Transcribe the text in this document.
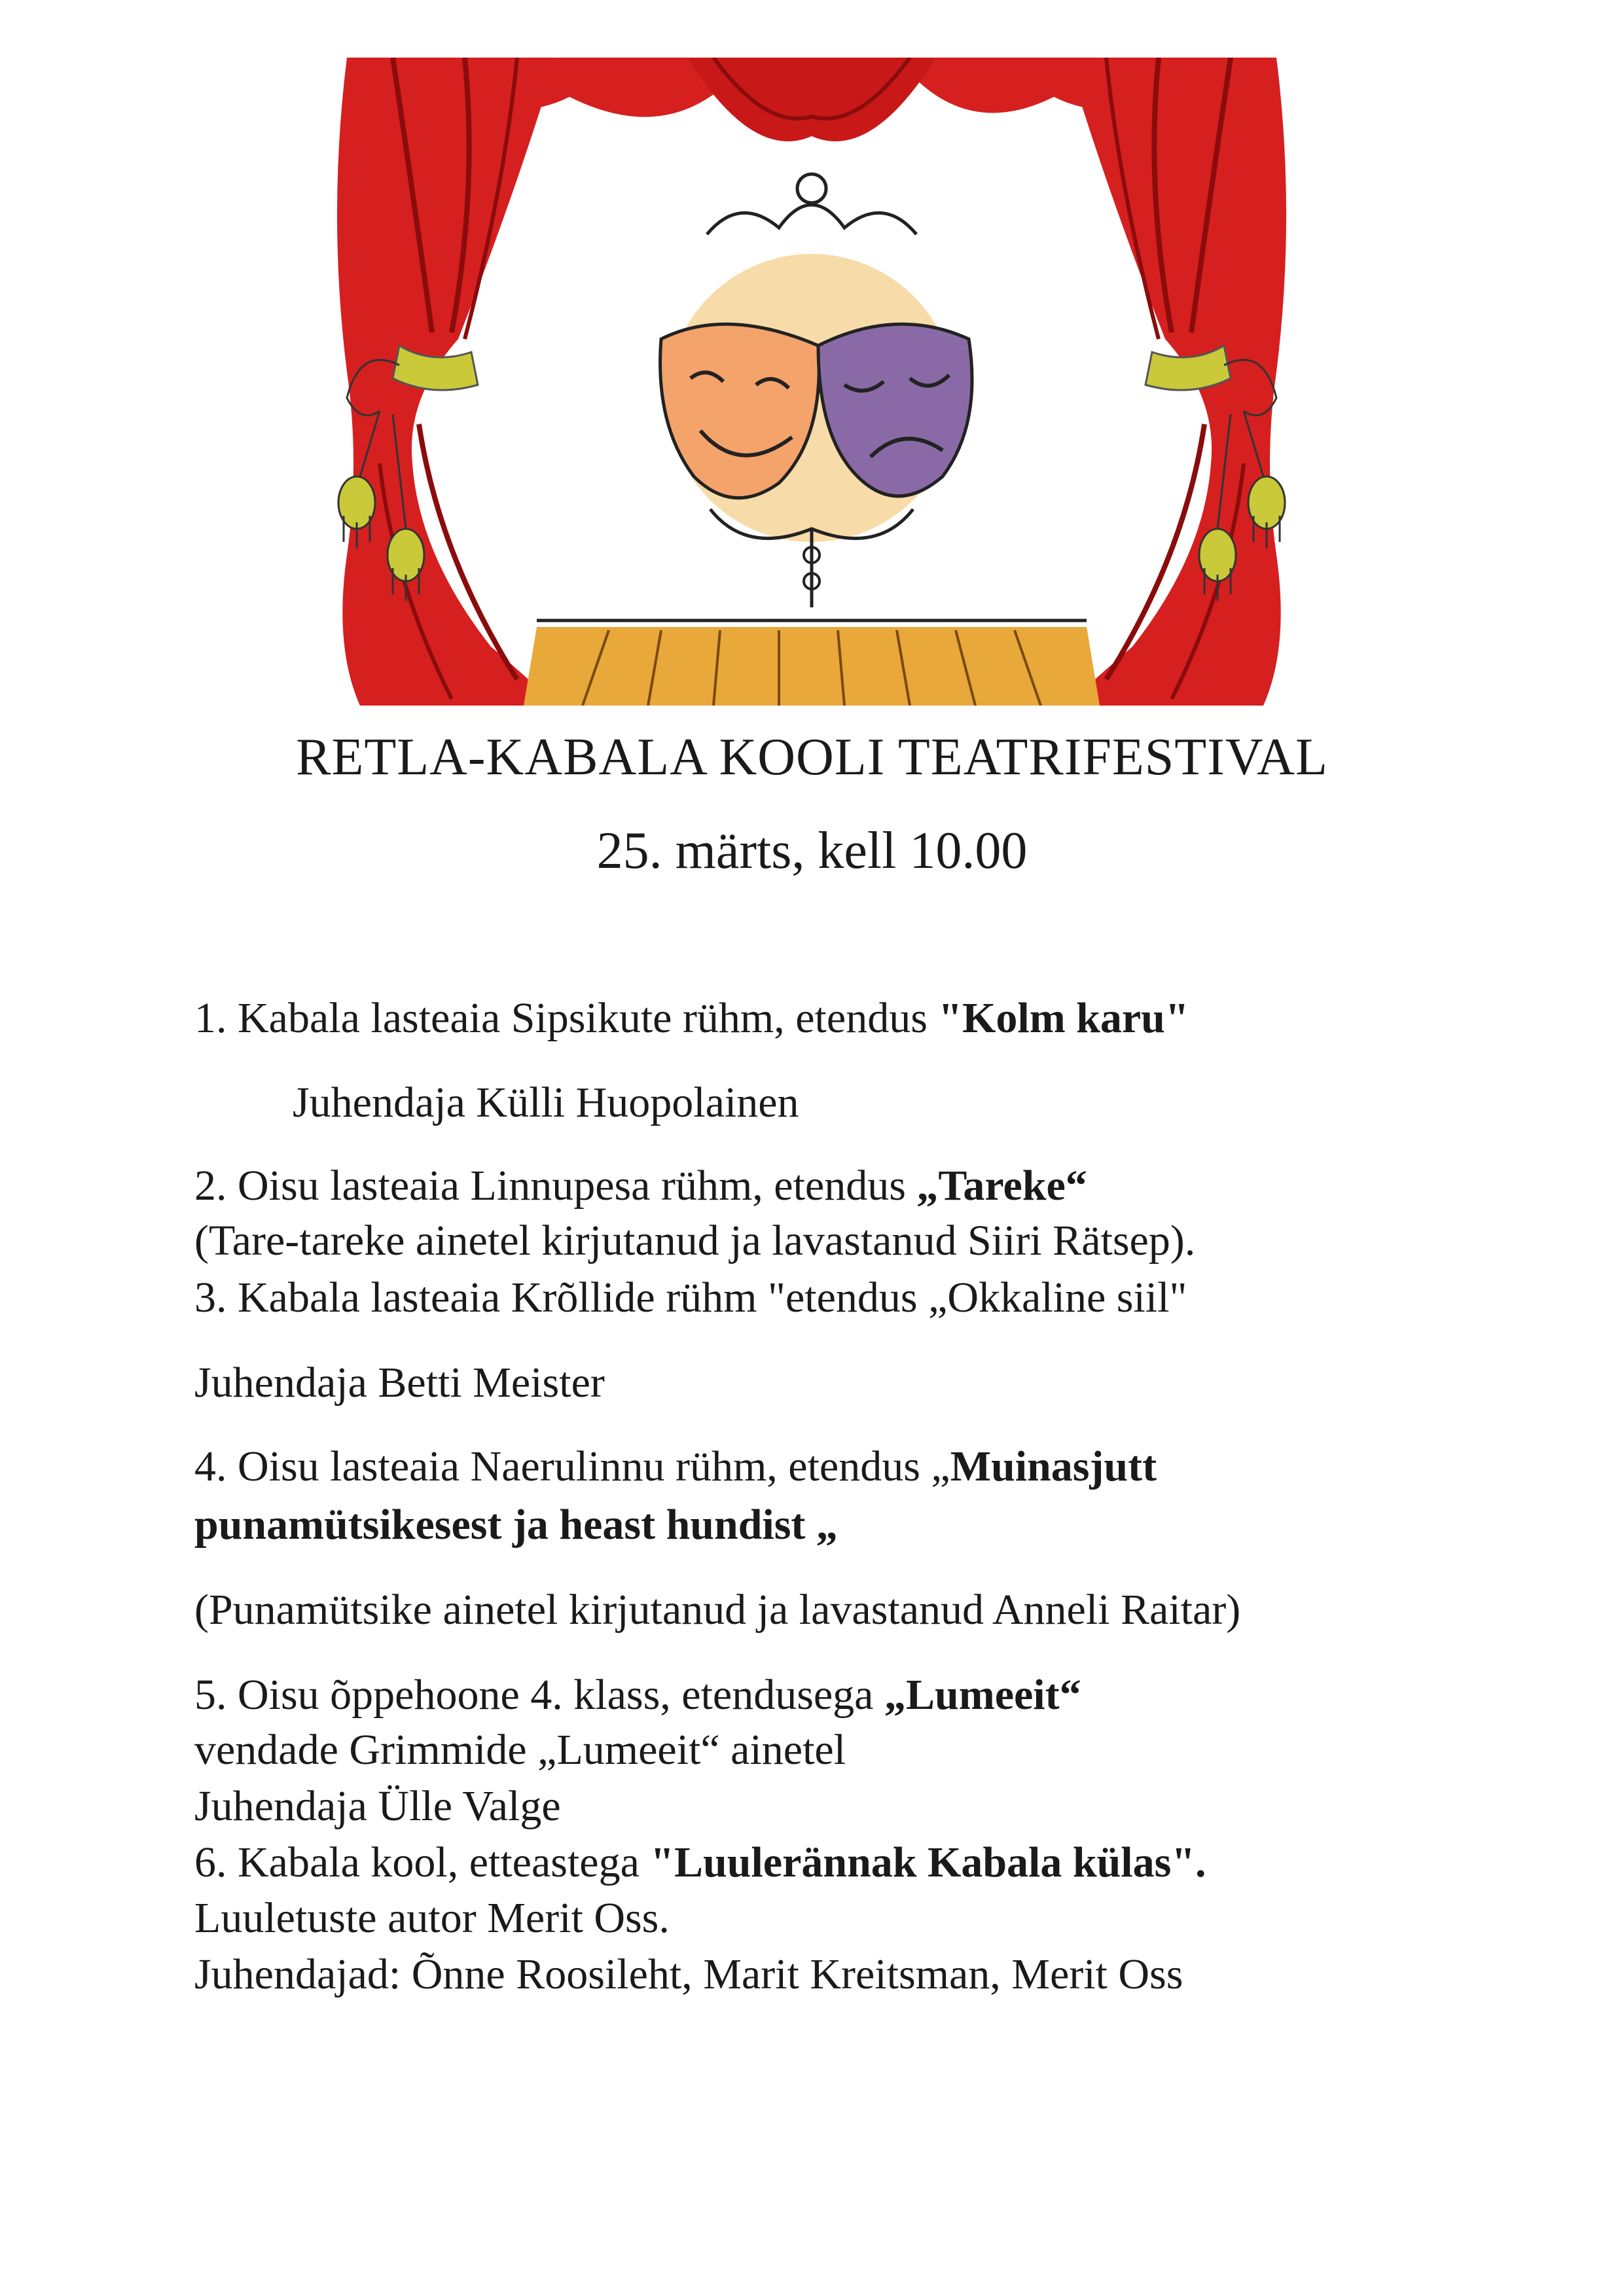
RETLA-KABALA KOOLI TEATRIFESTIVAL
25. märts, kell 10.00
1. Kabala lasteaia Sipsikute rühm, etendus "Kolm karu"
Juhendaja Külli Huopolainen
2. Oisu lasteaia Linnupesa rühm, etendus „Tareke“
(Tare-tareke ainetel kirjutanud ja lavastanud Siiri Rätsep).
3. Kabala lasteaia Krõllide rühm "etendus „Okkaline siil"
Juhendaja Betti Meister
4. Oisu lasteaia Naerulinnu rühm, etendus „Muinasjutt
punamütsikesest ja heast hundist „
(Punamütsike ainetel kirjutanud ja lavastanud Anneli Raitar)
5. Oisu õppehoone 4. klass, etendusega „Lumeeit“
vendade Grimmide „Lumeeit“ ainetel
Juhendaja Ülle Valge
6. Kabala kool, etteastega "Luulerännak Kabala külas".
Luuletuste autor Merit Oss.
Juhendajad: Õnne Roosileht, Marit Kreitsman, Merit Oss
